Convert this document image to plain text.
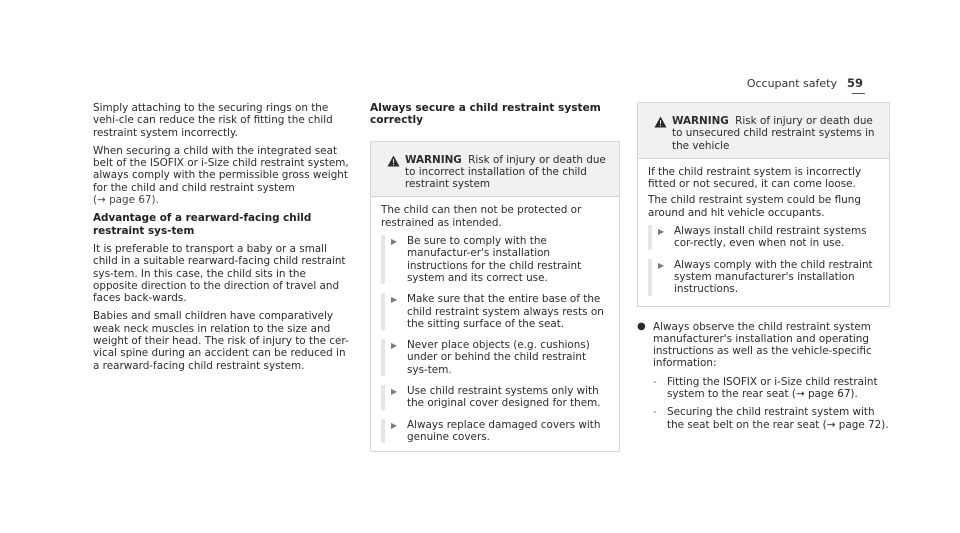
Occupant safety 59

Simply attaching to the securing rings on the vehi-cle can reduce the risk of fitting the child restraint system incorrectly.

When securing a child with the integrated seat belt of the ISOFIX or i-Size child restraint system, always comply with the permissible gross weight for the child and child restraint system
(→ page 67).

Advantage of a rearward-facing child restraint sys-tem

It is preferable to transport a baby or a small child in a suitable rearward-facing child restraint sys-tem. In this case, the child sits in the opposite direction to the direction of travel and faces back-wards.

Babies and small children have comparatively weak neck muscles in relation to the size and weight of their head. The risk of injury to the cer-vical spine during an accident can be reduced in a rearward-facing child restraint system.

Always secure a child restraint system correctly

WARNING Risk of injury or death due to incorrect installation of the child restraint system

The child can then not be protected or restrained as intended.

▶ Be sure to comply with the manufactur-er's installation instructions for the child restraint system and its correct use.
▶ Make sure that the entire base of the child restraint system always rests on the sitting surface of the seat.
▶ Never place objects (e.g. cushions) under or behind the child restraint sys-tem.
▶ Use child restraint systems only with the original cover designed for them.
▶ Always replace damaged covers with genuine covers.
WARNING Risk of injury or death due to unsecured child restraint systems in the vehicle

If the child restraint system is incorrectly fitted or not secured, it can come loose.

The child restraint system could be flung around and hit vehicle occupants.

▶ Always install child restraint systems cor-rectly, even when not in use.
▶ Always comply with the child restraint system manufacturer's installation instructions.
● Always observe the child restraint system manufacturer's installation and operating instructions as well as the vehicle-specific information:
- Fitting the ISOFIX or i-Size child restraint system to the rear seat (→ page 67).
- Securing the child restraint system with the seat belt on the rear seat (→ page 72).
